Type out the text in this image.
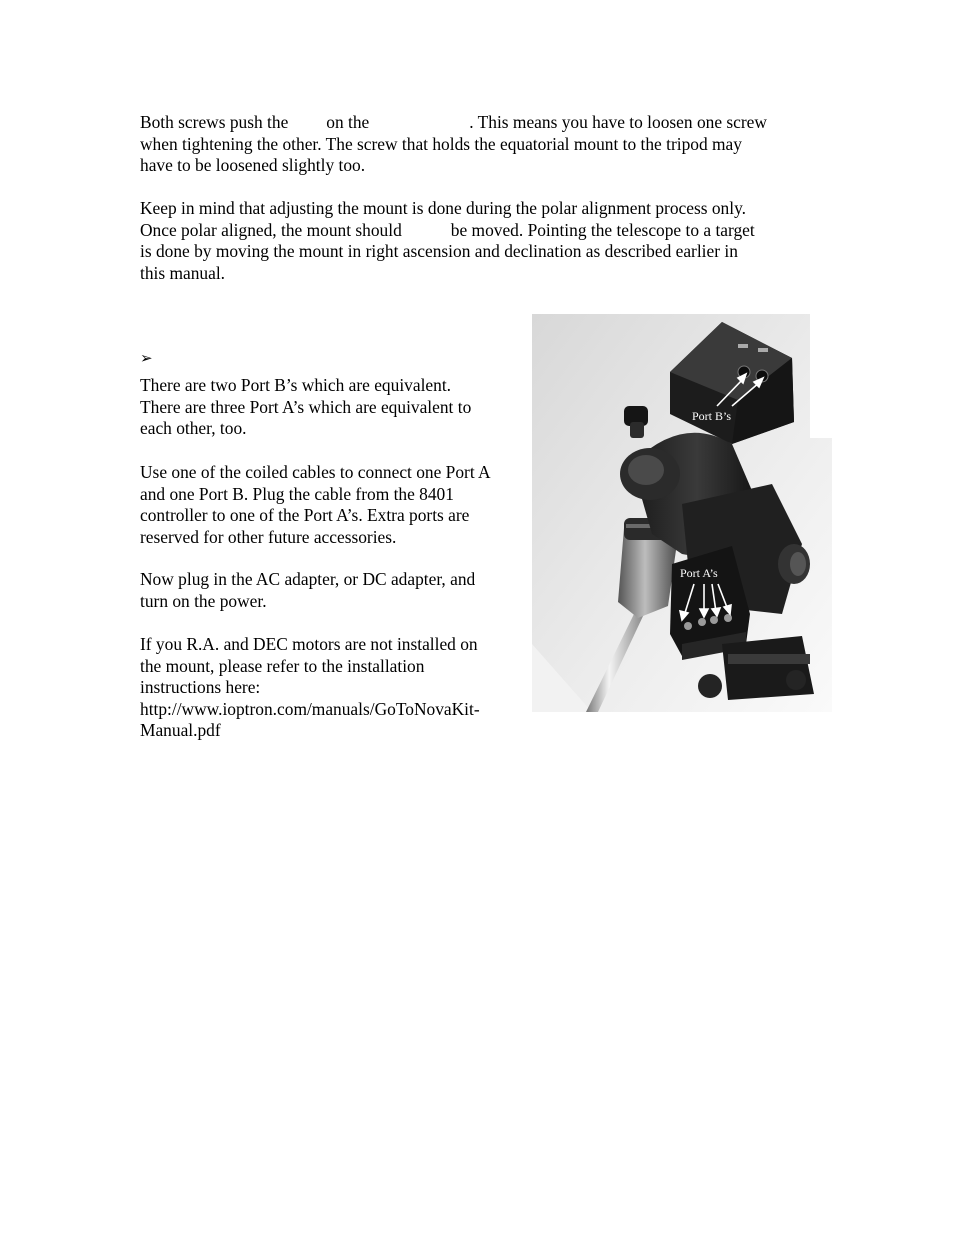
Both screws push the on the	. This means you have to loosen one screw
when tightening the other. The screw that holds the equatorial mount to the tripod may
have to be loosened slightly too.
Keep in mind that adjusting the mount is done during the polar alignment process only.
Once polar aligned, the mount should	be moved. Pointing the telescope to a target
is done by moving the mount in right ascension and declination as described earlier in
this manual.
➢
There are two Port B’s which are equivalent.
There are three Port A’s which are equivalent to
each other, too.
Use one of the coiled cables to connect one Port A
and one Port B. Plug the cable from the 8401
controller to one of the Port A’s. Extra ports are
reserved for other future accessories.
Now plug in the AC adapter, or DC adapter, and
turn on the power.
If you R.A. and DEC motors are not installed on
the mount, please refer to the installation
instructions here:
http://www.ioptron.com/manuals/GoToNovaKit-
Manual.pdf
Port B’s
Port A’s
